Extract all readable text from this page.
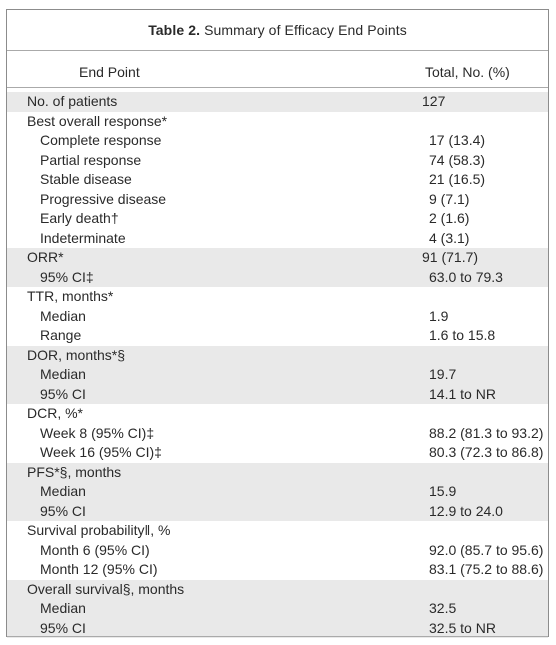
Table 2. Summary of Efficacy End Points
End Point	Total, No. (%)
No. of patients	127
Best overall response*
Complete response	17 (13.4)
Partial response	74 (58.3)
Stable disease	21 (16.5)
Progressive disease	9 (7.1)
Early death†	2 (1.6)
Indeterminate	4 (3.1)
ORR*	91 (71.7)
95% CI‡	63.0 to 79.3
TTR, months*
Median	1.9
Range	1.6 to 15.8
DOR, months*§
Median	19.7
95% CI	14.1 to NR
DCR, %*
Week 8 (95% CI)‡	88.2 (81.3 to 93.2)
Week 16 (95% CI)‡	80.3 (72.3 to 86.8)
PFS*§, months
Median	15.9
95% CI	12.9 to 24.0
Survival probability‖, %
Month 6 (95% CI)	92.0 (85.7 to 95.6)
Month 12 (95% CI)	83.1 (75.2 to 88.6)
Overall survival§, months
Median	32.5
95% CI	32.5 to NR
